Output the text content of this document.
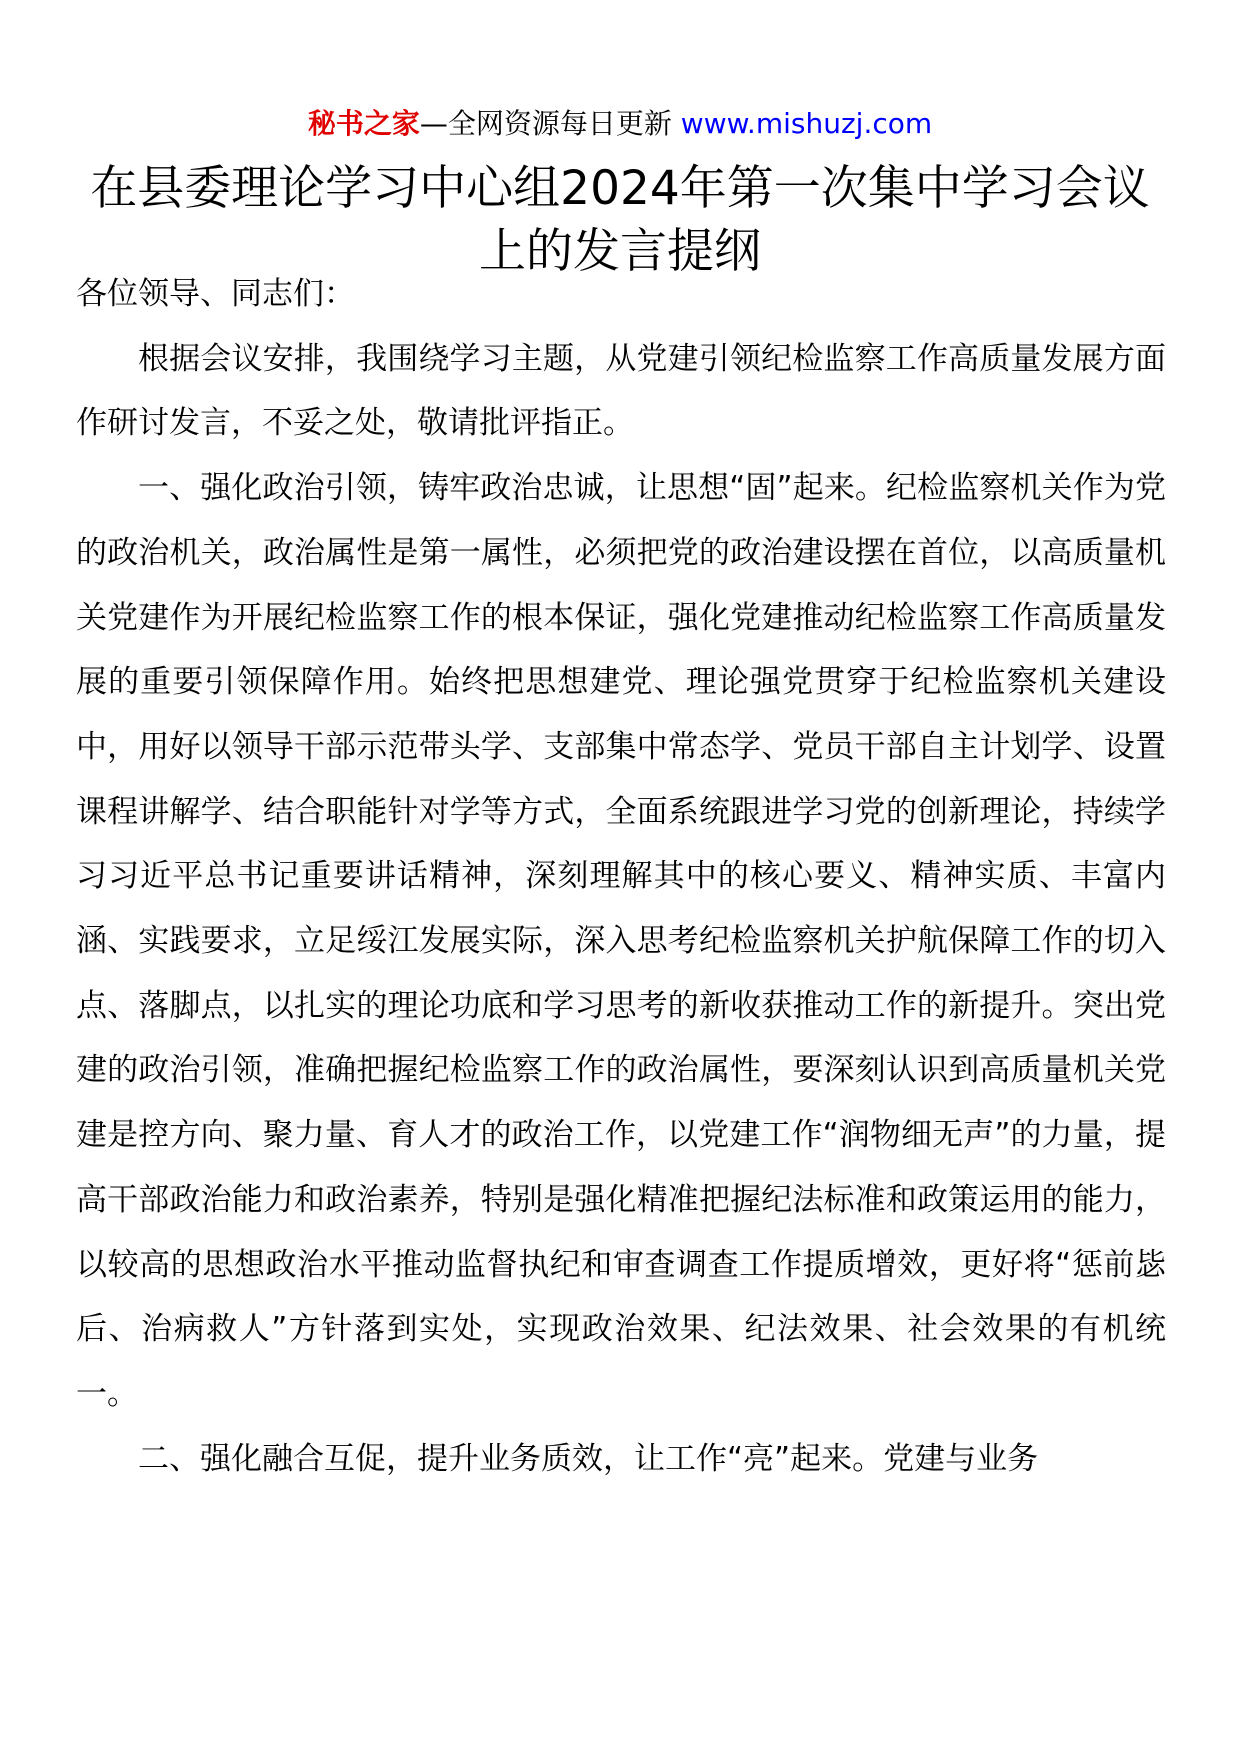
秘书之家—全网资源每日更新 www.mishuzj.com
在县委理论学习中心组2024年第一次集中学习会议上的发言提纲

各位领导、同志们：

根据会议安排，我围绕学习主题，从党建引领纪检监察工作高质量发展方面作研讨发言，不妥之处，敬请批评指正。

一、强化政治引领，铸牢政治忠诚，让思想“固”起来。纪检监察机关作为党的政治机关，政治属性是第一属性，必须把党的政治建设摆在首位，以高质量机关党建作为开展纪检监察工作的根本保证，强化党建推动纪检监察工作高质量发展的重要引领保障作用。始终把思想建党、理论强党贯穿于纪检监察机关建设中，用好以领导干部示范带头学、支部集中常态学、党员干部自主计划学、设置课程讲解学、结合职能针对学等方式，全面系统跟进学习党的创新理论，持续学习习近平总书记重要讲话精神，深刻理解其中的核心要义、精神实质、丰富内涵、实践要求，立足绥江发展实际，深入思考纪检监察机关护航保障工作的切入点、落脚点，以扎实的理论功底和学习思考的新收获推动工作的新提升。突出党建的政治引领，准确把握纪检监察工作的政治属性，要深刻认识到高质量机关党建是控方向、聚力量、育人才的政治工作，以党建工作“润物细无声”的力量，提高干部政治能力和政治素养，特别是强化精准把握纪法标准和政策运用的能力，以较高的思想政治水平推动监督执纪和审查调查工作提质增效，更好将“惩前毖后、治病救人”方针落到实处，实现政治效果、纪法效果、社会效果的有机统一。

二、强化融合互促，提升业务质效，让工作“亮”起来。党建与业务
